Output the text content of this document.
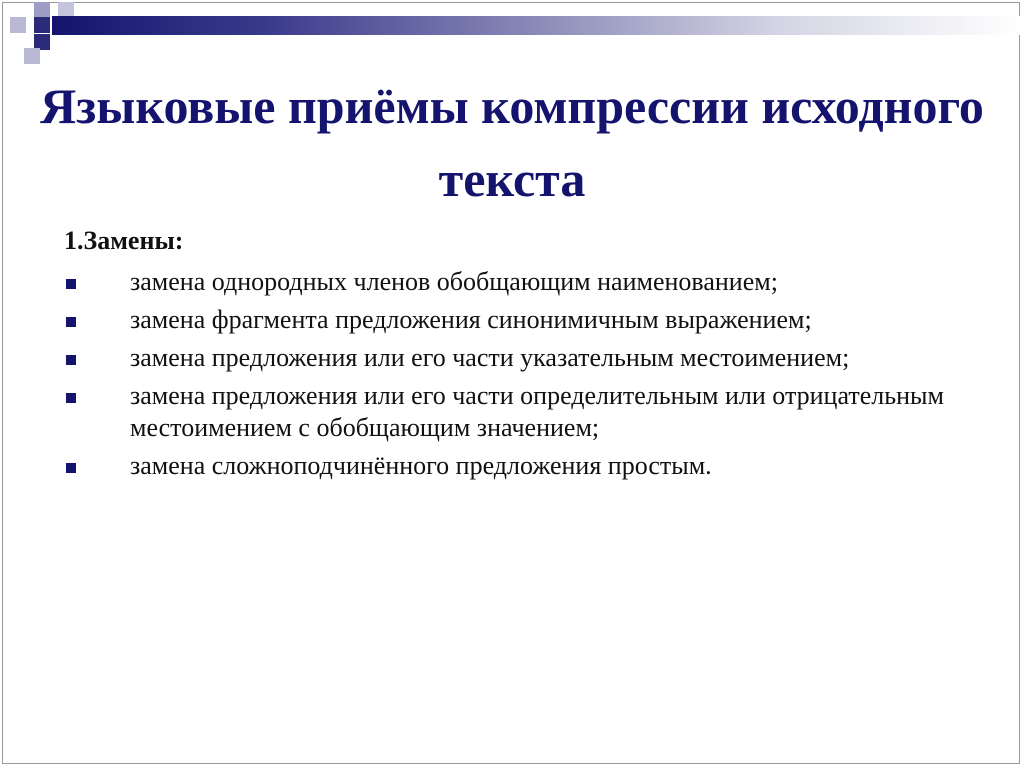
Языковые приёмы компрессии исходного текста

1.Замены:

замена однородных членов обобщающим наименованием;
замена фрагмента предложения синонимичным выражением;
замена предложения или его части указательным местоимением;
замена предложения или его части определительным или отрицательным местоимением с обобщающим значением;
замена сложноподчинённого предложения простым.
